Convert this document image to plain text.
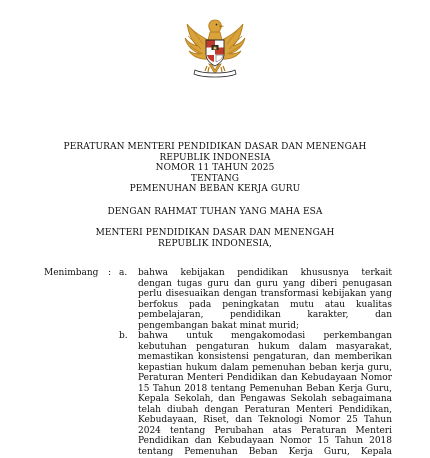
PERATURAN MENTERI PENDIDIKAN DASAR DAN MENENGAH
REPUBLIK INDONESIA
NOMOR 11 TAHUN 2025
TENTANG
PEMENUHAN BEBAN KERJA GURU
DENGAN RAHMAT TUHAN YANG MAHA ESA
MENTERI PENDIDIKAN DASAR DAN MENENGAH
REPUBLIK INDONESIA,
Menimbang : a. bahwa kebijakan pendidikan khususnya terkait
dengan tugas guru dan guru yang diberi penugasan
perlu disesuaikan dengan transformasi kebijakan yang
berfokus pada peningkatan mutu atau kualitas
pembelajaran, pendidikan karakter, dan
pengembangan bakat minat murid;
b. bahwa untuk mengakomodasi perkembangan
kebutuhan pengaturan hukum dalam masyarakat,
memastikan konsistensi pengaturan, dan memberikan
kepastian hukum dalam pemenuhan beban kerja guru,
Peraturan Menteri Pendidikan dan Kebudayaan Nomor
15 Tahun 2018 tentang Pemenuhan Beban Kerja Guru,
Kepala Sekolah, dan Pengawas Sekolah sebagaimana
telah diubah dengan Peraturan Menteri Pendidikan,
Kebudayaan, Riset, dan Teknologi Nomor 25 Tahun
2024 tentang Perubahan atas Peraturan Menteri
Pendidikan dan Kebudayaan Nomor 15 Tahun 2018
tentang Pemenuhan Beban Kerja Guru, Kepala
